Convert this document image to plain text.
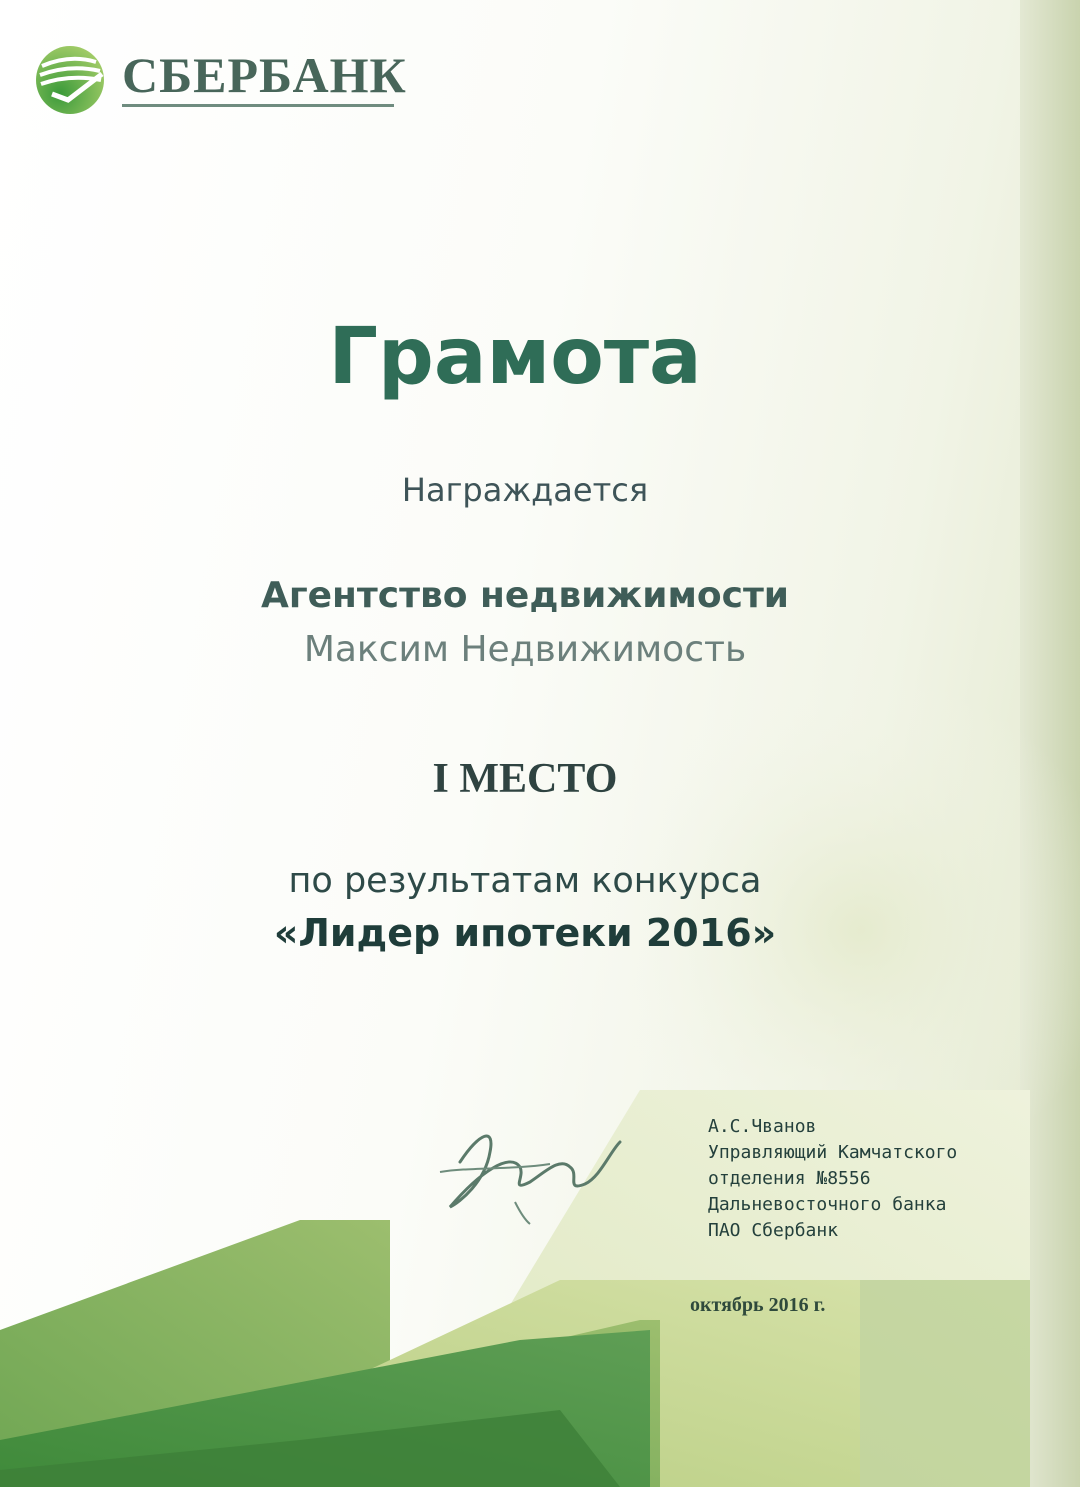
СБЕРБАНК
Грамота
Награждается
Агентство недвижимости
Максим Недвижимость
I МЕСТО
по результатам конкурса
«Лидер ипотеки 2016»
А.С.Чванов
Управляющий Камчатского
отделения №8556
Дальневосточного банка
ПАО Сбербанк
октябрь 2016 г.
